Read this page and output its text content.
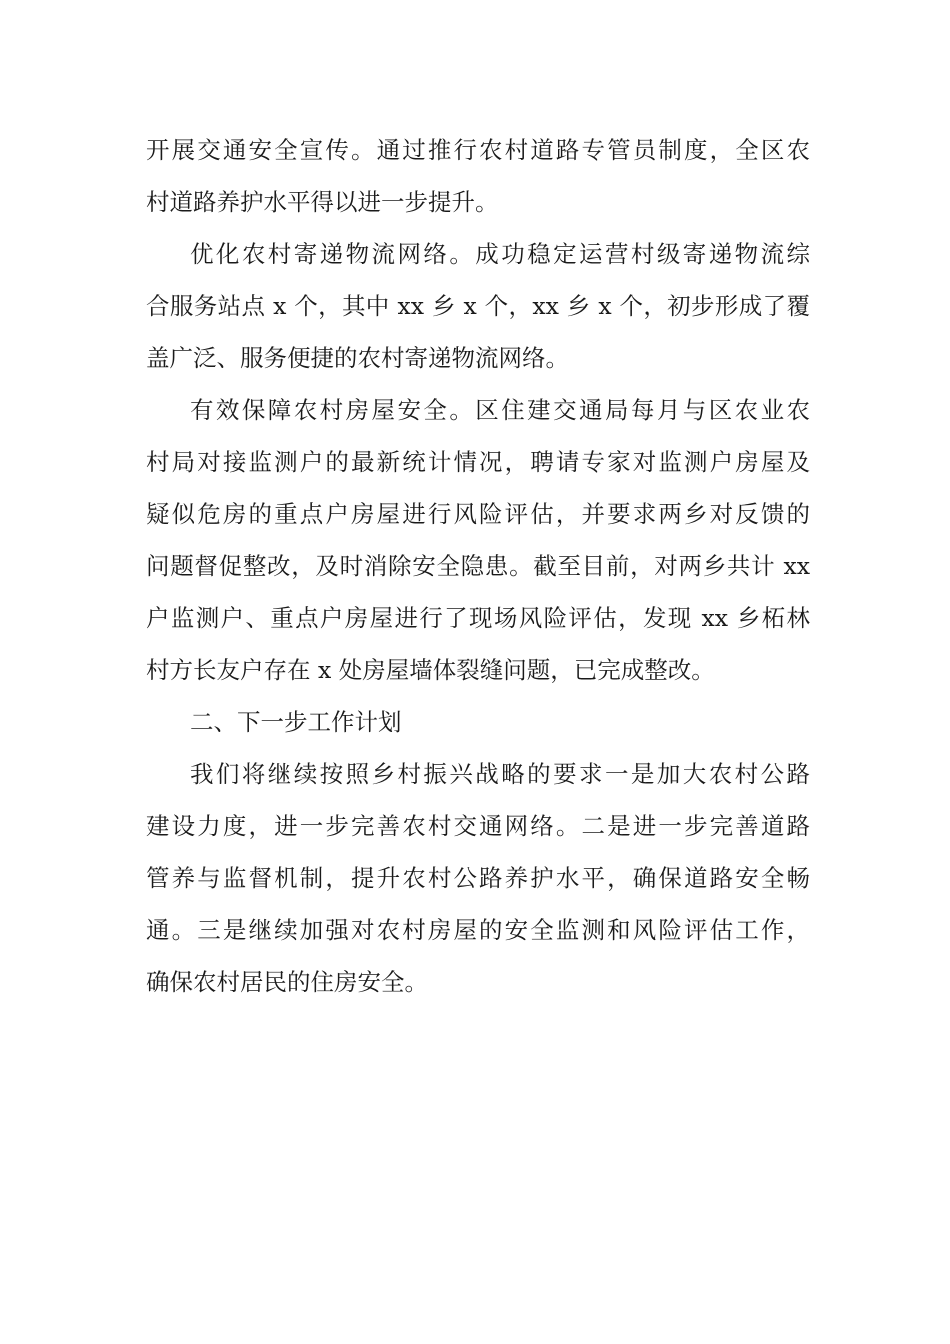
开展交通安全宣传。通过推行农村道路专管员制度，全区农
村道路养护水平得以进一步提升。
优化农村寄递物流网络。成功稳定运营村级寄递物流综
合服务站点 x 个，其中 xx 乡 x 个，xx 乡 x 个，初步形成了覆
盖广泛、服务便捷的农村寄递物流网络。
有效保障农村房屋安全。区住建交通局每月与区农业农
村局对接监测户的最新统计情况，聘请专家对监测户房屋及
疑似危房的重点户房屋进行风险评估，并要求两乡对反馈的
问题督促整改，及时消除安全隐患。截至目前，对两乡共计 xx
户监测户、重点户房屋进行了现场风险评估，发现 xx 乡柘林
村方长友户存在 x 处房屋墙体裂缝问题，已完成整改。
二、下一步工作计划
我们将继续按照乡村振兴战略的要求一是加大农村公路
建设力度，进一步完善农村交通网络。二是进一步完善道路
管养与监督机制，提升农村公路养护水平，确保道路安全畅
通。三是继续加强对农村房屋的安全监测和风险评估工作，
确保农村居民的住房安全。
